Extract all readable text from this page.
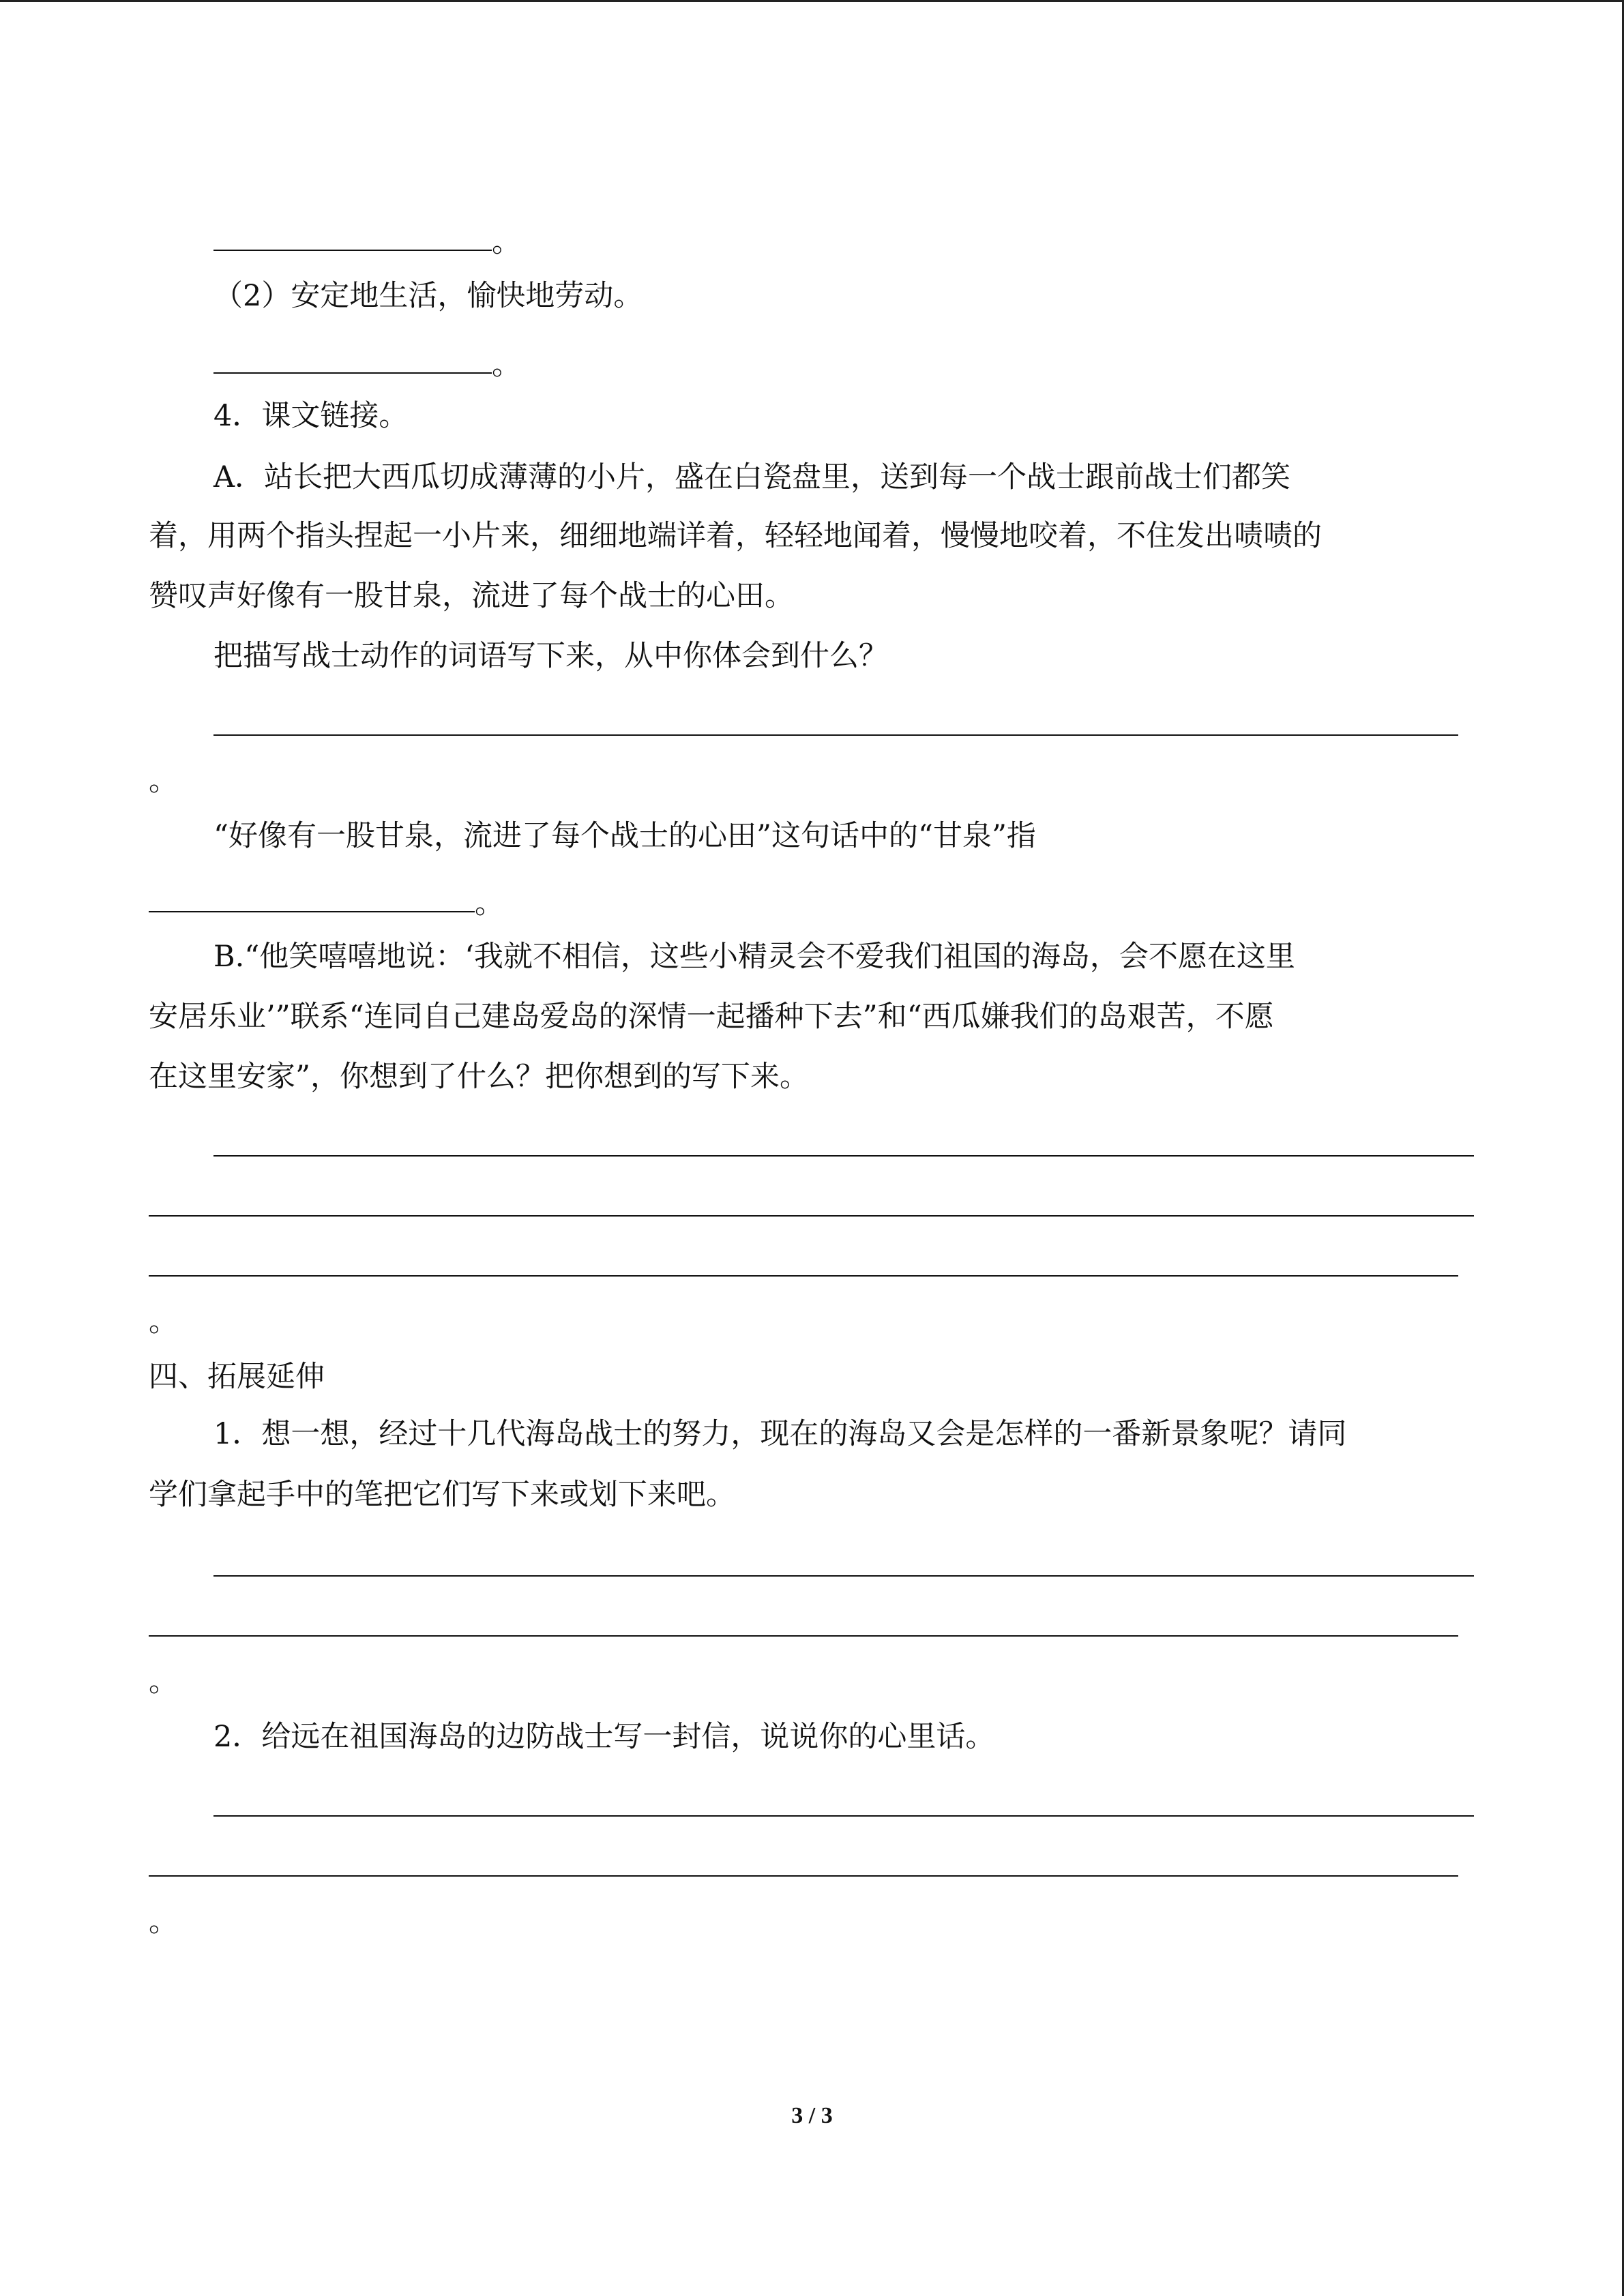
。
（2）安定地生活，愉快地劳动。
。
4．课文链接。
A．站长把大西瓜切成薄薄的小片，盛在白瓷盘里，送到每一个战士跟前战士们都笑
着，用两个指头捏起一小片来，细细地端详着，轻轻地闻着，慢慢地咬着，不住发出啧啧的
赞叹声好像有一股甘泉，流进了每个战士的心田。
把描写战士动作的词语写下来，从中你体会到什么？
。
“好像有一股甘泉，流进了每个战士的心田”这句话中的“甘泉”指
。
B.“他笑嘻嘻地说：‘我就不相信，这些小精灵会不爱我们祖国的海岛，会不愿在这里
安居乐业’”联系“连同自己建岛爱岛的深情一起播种下去”和“西瓜嫌我们的岛艰苦，不愿
在这里安家”，你想到了什么？把你想到的写下来。
。
四、拓展延伸
1．想一想，经过十几代海岛战士的努力，现在的海岛又会是怎样的一番新景象呢？请同
学们拿起手中的笔把它们写下来或划下来吧。
。
2．给远在祖国海岛的边防战士写一封信，说说你的心里话。
。
3 / 3
